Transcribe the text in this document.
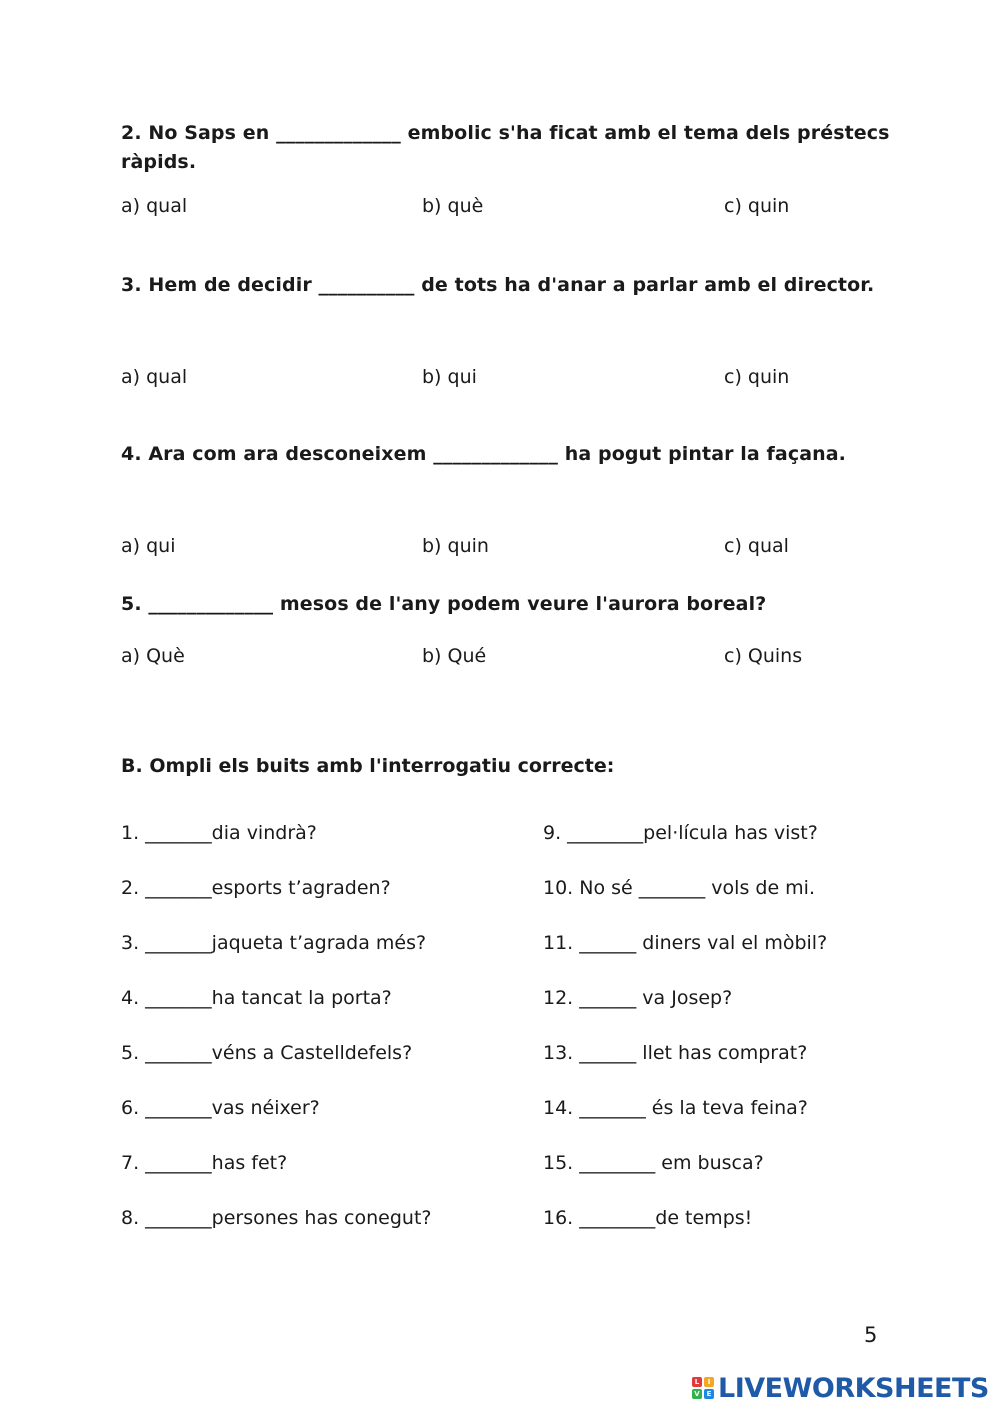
2. No Saps en _____________ embolic s'ha ficat amb el tema dels préstecs ràpids.
a) qual	b) què	c) quin
3. Hem de decidir __________ de tots ha d'anar a parlar amb el director.
a) qual	b) qui	c) quin
4. Ara com ara desconeixem _____________ ha pogut pintar la façana.
a) qui	b) quin	c) qual
5. _____________ mesos de l'any podem veure l'aurora boreal?
a) Què	b) Qué	c) Quins
B. Ompli els buits amb l'interrogatiu correcte:
1. _______dia vindrà?
2. _______esports t’agraden?
3. _______jaqueta t’agrada més?
4. _______ha tancat la porta?
5. _______véns a Castelldefels?
6. _______vas néixer?
7. _______has fet?
8. _______persones has conegut?
9. ________pel·lícula has vist?
10. No sé _______ vols de mi.
11. ______ diners val el mòbil?
12. ______ va Josep?
13. ______ llet has comprat?
14. _______ és la teva feina?
15. ________ em busca?
16. ________de temps!
5
L	I
V E LIVEWORKSHEETS
